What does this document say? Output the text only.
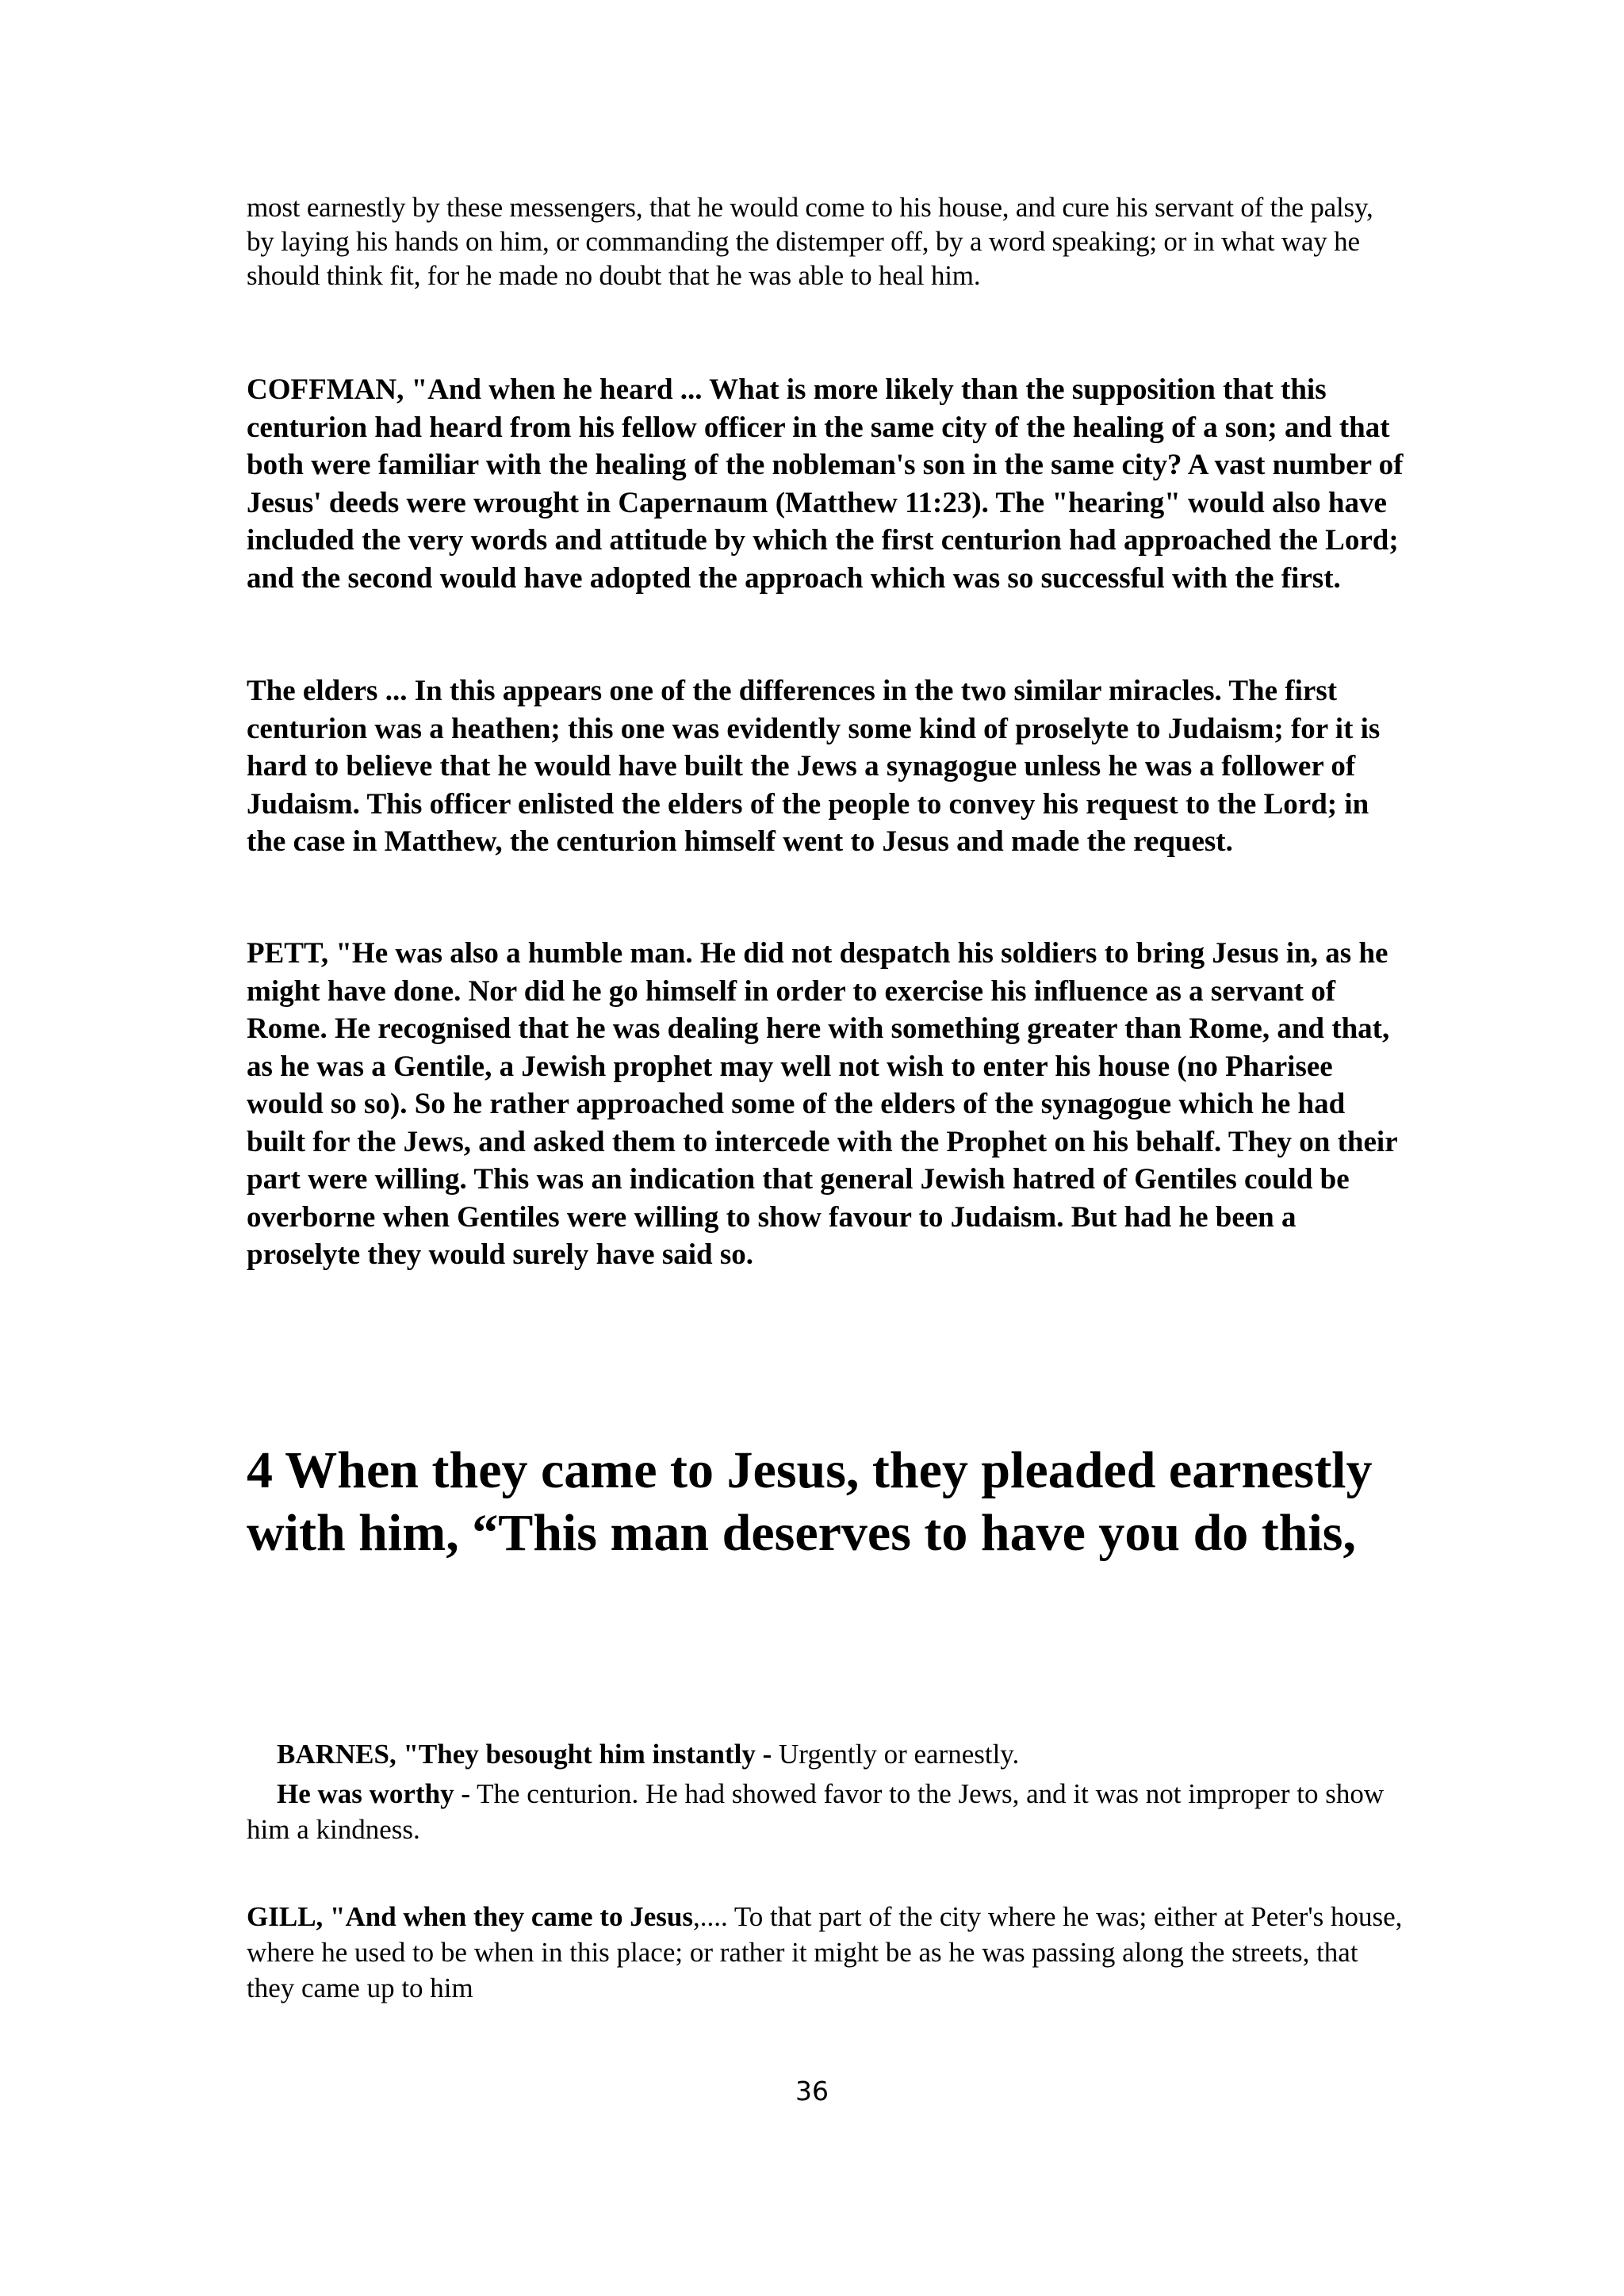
most earnestly by these messengers, that he would come to his house, and cure his servant of the palsy, by laying his hands on him, or commanding the distemper off, by a word speaking; or in what way he should think fit, for he made no doubt that he was able to heal him.

COFFMAN, "And when he heard ... What is more likely than the supposition that this centurion had heard from his fellow officer in the same city of the healing of a son; and that both were familiar with the healing of the nobleman's son in the same city? A vast number of Jesus' deeds were wrought in Capernaum (Matthew 11:23). The "hearing" would also have included the very words and attitude by which the first centurion had approached the Lord; and the second would have adopted the approach which was so successful with the first.

The elders ... In this appears one of the differences in the two similar miracles. The first centurion was a heathen; this one was evidently some kind of proselyte to Judaism; for it is hard to believe that he would have built the Jews a synagogue unless he was a follower of Judaism. This officer enlisted the elders of the people to convey his request to the Lord; in the case in Matthew, the centurion himself went to Jesus and made the request.

PETT, "He was also a humble man. He did not despatch his soldiers to bring Jesus in, as he might have done. Nor did he go himself in order to exercise his influence as a servant of Rome. He recognised that he was dealing here with something greater than Rome, and that, as he was a Gentile, a Jewish prophet may well not wish to enter his house (no Pharisee would so so). So he rather approached some of the elders of the synagogue which he had built for the Jews, and asked them to intercede with the Prophet on his behalf. They on their part were willing. This was an indication that general Jewish hatred of Gentiles could be overborne when Gentiles were willing to show favour to Judaism. But had he been a proselyte they would surely have said so.

4 When they came to Jesus, they pleaded earnestly with him, “This man deserves to have you do this,

BARNES, "They besought him instantly - Urgently or earnestly.

He was worthy - The centurion. He had showed favor to the Jews, and it was not improper to show him a kindness.

GILL, "And when they came to Jesus,.... To that part of the city where he was; either at Peter's house, where he used to be when in this place; or rather it might be as he was passing along the streets, that they came up to him

36
